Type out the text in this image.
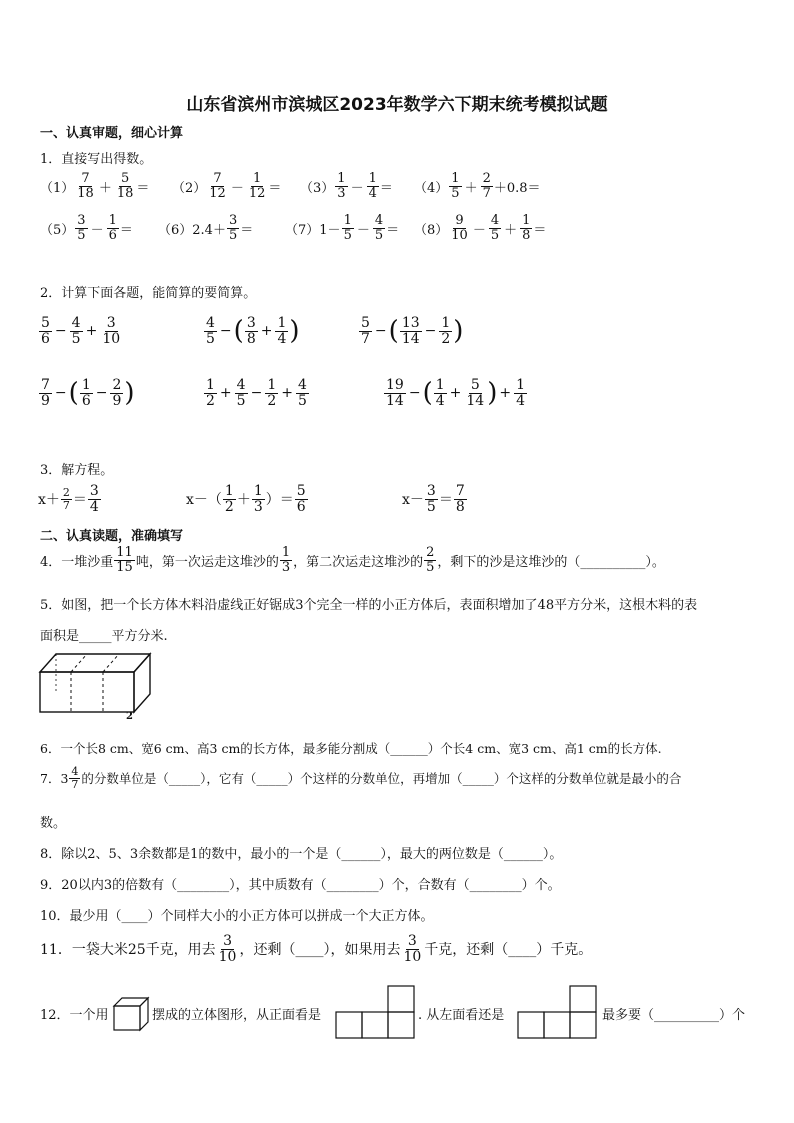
山东省滨州市滨城区2023年数学六下期末统考模拟试题
一、认真审题，细心计算
1．直接写出得数。
$(1) \frac{7}{18} + \frac{5}{18} = (2) \frac{7}{12} - \frac{1}{12} = (3) \frac{1}{3} - \frac{1}{4} = (4) \frac{1}{5} + \frac{2}{7} +0.8=$
$(5) \frac{3}{5} - \frac{1}{6} = (6)$ $2.4+ \frac{3}{5} = (7)$ $1- \frac{1}{5} - \frac{4}{5} = (8) \frac{9}{10} - \frac{4}{5} + \frac{1}{8}$ ＝
2．计算下面各题，能简算的要简算。
$\frac{5}{6} - \frac{4}{5} + \frac{3}{10}$	$\frac{4}{5}$ − ( $\frac{3}{8} + \frac{1}{4}$ )	$\frac{5}{7}$ − ( $\frac{13}{14} - \frac{1}{2}$ )
$\frac{7}{9}$ − ( $\frac{1}{6} - \frac{2}{9}$ )	$\frac{1}{2} + \frac{4}{5} - \frac{1}{2} + \frac{4}{5}$	$\frac{19}{14}$ − ( $\frac{1}{4} + \frac{5}{14}$ ) + $\frac{1}{4}$
3．解方程。
$x+ \frac{2}{7} = \frac{3}{4}$	$x-( \frac{1}{2} + \frac{1}{3}$ ）＝ $\frac{5}{6}$	$x- \frac{3}{5} = \frac{7}{8}$
二、认真读题，准确填写
4．一堆沙重 $\frac{11}{15}$ 吨，第一次运走这堆沙的 $\frac{1}{3}$ ，第二次运走这堆沙的 $\frac{2}{5}$ ，剩下的沙是这堆沙的（__________）。
5．如图，把一个长方体木料沿虚线正好锯成3个完全一样的小正方体后，表面积增加了48平方分米，这根木料的表
面积是_____平方分米.
2
6．一个长8 cm、宽6 cm、高3 cm的长方体，最多能分割成（______）个长4 cm、宽3 cm、高1 cm的长方体.
7．$3 \frac{4}{7}$ 的分数单位是（_____），它有（_____）个这样的分数单位，再增加（_____）个这样的分数单位就是最小的合
数。
8．除以2、5、3余数都是1的数中，最小的一个是（______），最大的两位数是（______）。
9．20以内3的倍数有（________），其中质数有（________）个，合数有（________）个。
10．最少用（____）个同样大小的小正方体可以拼成一个大正方体。
11．一袋大米25千克，用去 $\frac{3}{10}$ ，还剩（____），如果用去 $\frac{3}{10}$ 千克，还剩（____）千克。
12．一个用	摆成的立体图形，从正面看是	. 从左面看还是	最多要（__________）个
